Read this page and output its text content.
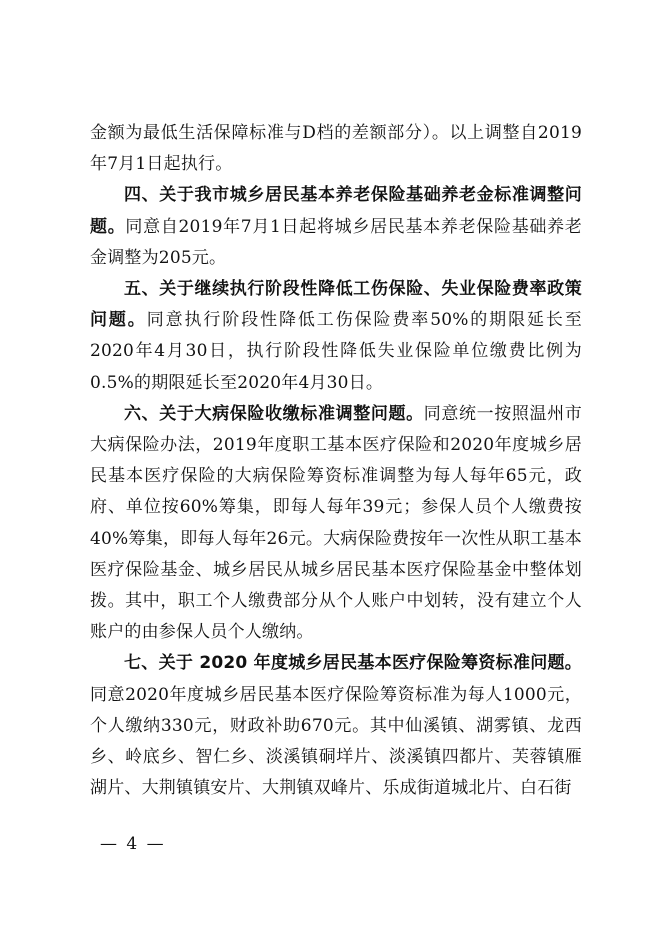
金额为最低生活保障标准与D档的差额部分）。以上调整自2019年7月1日起执行。

四、关于我市城乡居民基本养老保险基础养老金标准调整问题。同意自2019年7月1日起将城乡居民基本养老保险基础养老金调整为205元。

五、关于继续执行阶段性降低工伤保险、失业保险费率政策问题。同意执行阶段性降低工伤保险费率50%的期限延长至2020年4月30日，执行阶段性降低失业保险单位缴费比例为0.5%的期限延长至2020年4月30日。

六、关于大病保险收缴标准调整问题。同意统一按照温州市大病保险办法，2019年度职工基本医疗保险和2020年度城乡居民基本医疗保险的大病保险筹资标准调整为每人每年65元，政府、单位按60%筹集，即每人每年39元；参保人员个人缴费按40%筹集，即每人每年26元。大病保险费按年一次性从职工基本医疗保险基金、城乡居民从城乡居民基本医疗保险基金中整体划拨。其中，职工个人缴费部分从个人账户中划转，没有建立个人账户的由参保人员个人缴纳。

七、关于 2020 年度城乡居民基本医疗保险筹资标准问题。同意2020年度城乡居民基本医疗保险筹资标准为每人1000元，个人缴纳330元，财政补助670元。其中仙溪镇、湖雾镇、龙西乡、岭底乡、智仁乡、淡溪镇硐垟片、淡溪镇四都片、芙蓉镇雁湖片、大荆镇镇安片、大荆镇双峰片、乐成街道城北片、白石街

— 4 —
